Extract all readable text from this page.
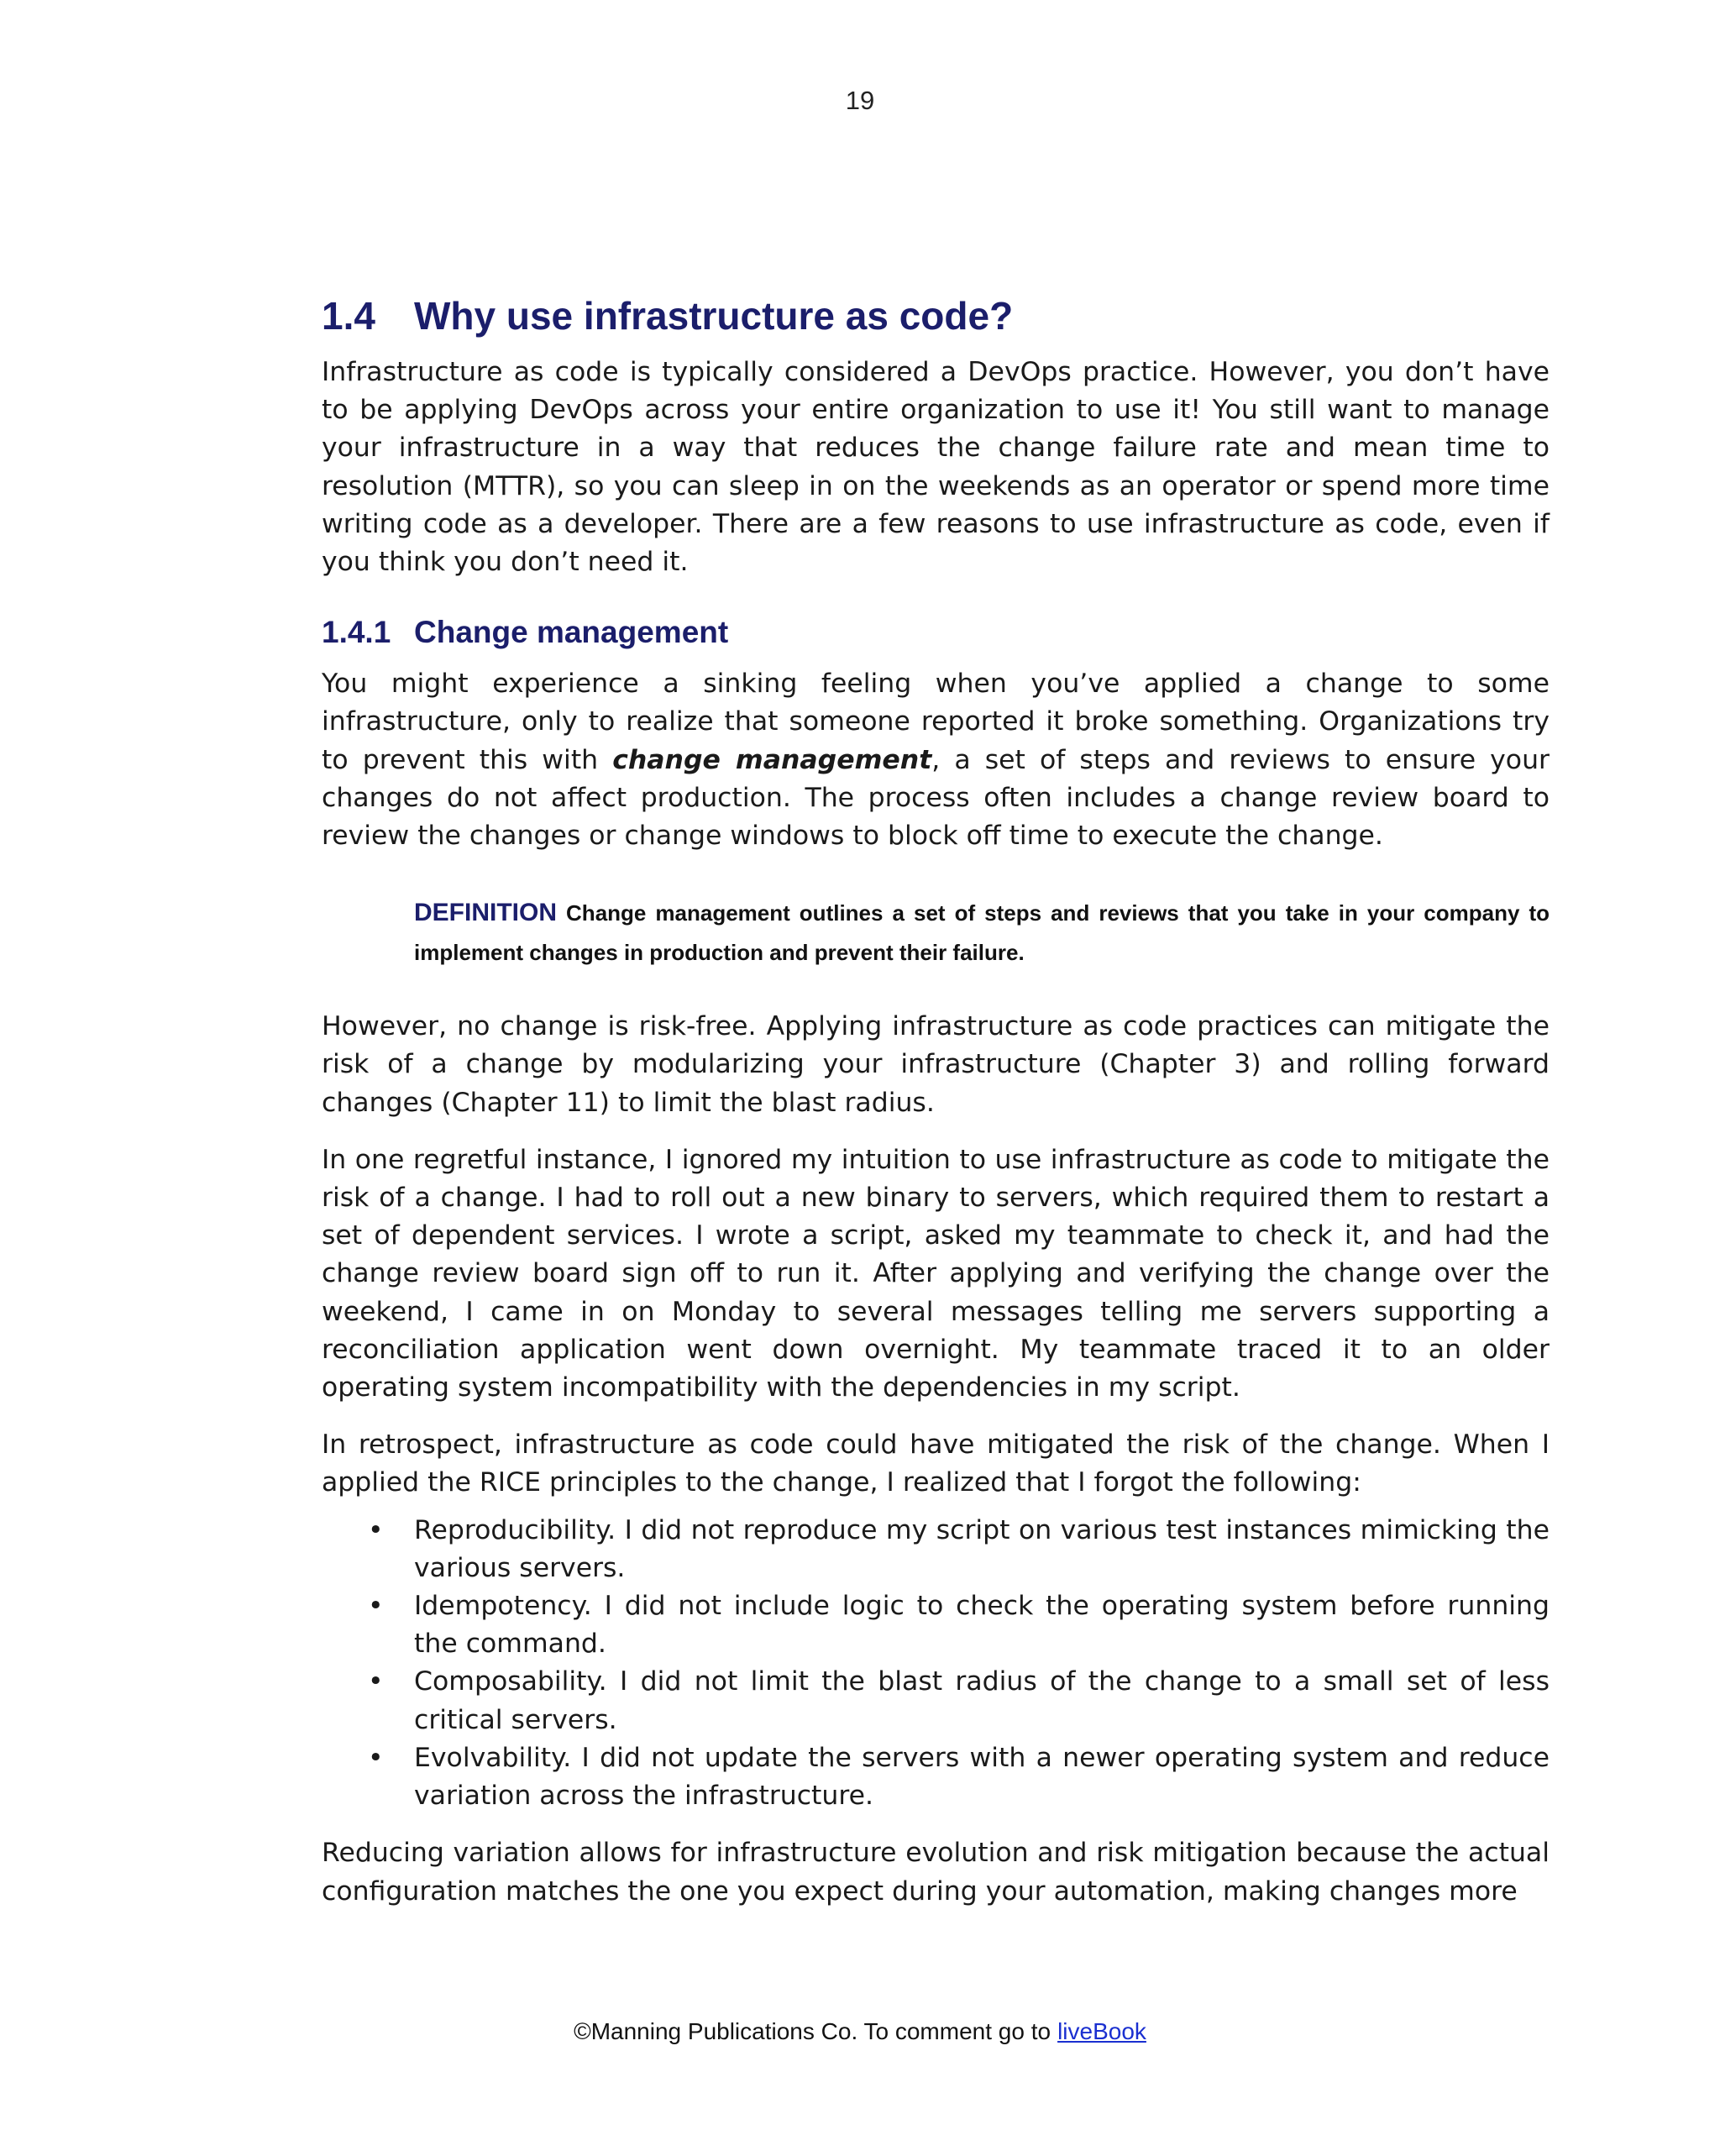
19
1.4 Why use infrastructure as code?

Infrastructure as code is typically considered a DevOps practice. However, you don’t have to be applying DevOps across your entire organization to use it! You still want to manage your infrastructure in a way that reduces the change failure rate and mean time to resolution (MTTR), so you can sleep in on the weekends as an operator or spend more time writing code as a developer. There are a few reasons to use infrastructure as code, even if you think you don’t need it.

1.4.1 Change management

You might experience a sinking feeling when you’ve applied a change to some infrastructure, only to realize that someone reported it broke something. Organizations try to prevent this with change management, a set of steps and reviews to ensure your changes do not affect production. The process often includes a change review board to review the changes or change windows to block off time to execute the change.

DEFINITION Change management outlines a set of steps and reviews that you take in your company to implement changes in production and prevent their failure.

However, no change is risk-free. Applying infrastructure as code practices can mitigate the risk of a change by modularizing your infrastructure (Chapter 3) and rolling forward changes (Chapter 11) to limit the blast radius.

In one regretful instance, I ignored my intuition to use infrastructure as code to mitigate the risk of a change. I had to roll out a new binary to servers, which required them to restart a set of dependent services. I wrote a script, asked my teammate to check it, and had the change review board sign off to run it. After applying and verifying the change over the weekend, I came in on Monday to several messages telling me servers supporting a reconciliation application went down overnight. My teammate traced it to an older operating system incompatibility with the dependencies in my script.

In retrospect, infrastructure as code could have mitigated the risk of the change. When I applied the RICE principles to the change, I realized that I forgot the following:

• Reproducibility. I did not reproduce my script on various test instances mimicking the various servers.
• Idempotency. I did not include logic to check the operating system before running the command.
• Composability. I did not limit the blast radius of the change to a small set of less critical servers.
• Evolvability. I did not update the servers with a newer operating system and reduce variation across the infrastructure.

Reducing variation allows for infrastructure evolution and risk mitigation because the actual configuration matches the one you expect during your automation, making changes more

©Manning Publications Co. To comment go to liveBook
